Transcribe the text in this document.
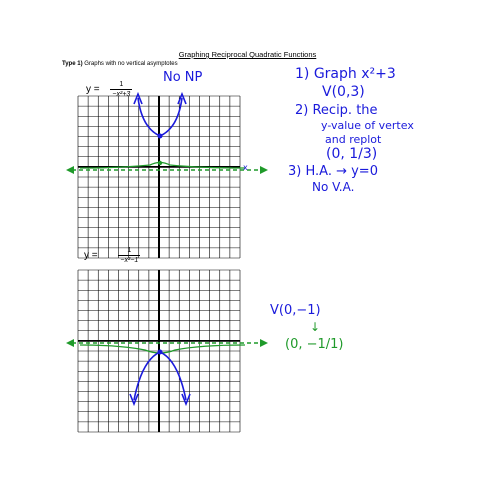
Graphing Reciprocal Quadratic Functions
Type 1) Graphs with no vertical asymptotes
$y = \frac{1}{\text{−x²+3}}$
y =	$\frac{1}{\text{−x²−1}}$
x
No NP	1) Graph x²+3
V(0,3)
2) Recip. the
y-value of vertex
and replot
(0, 1/3)
3) H.A. → y=0
No V.A.
V(0,−1)
↓
(0, −1/1)
